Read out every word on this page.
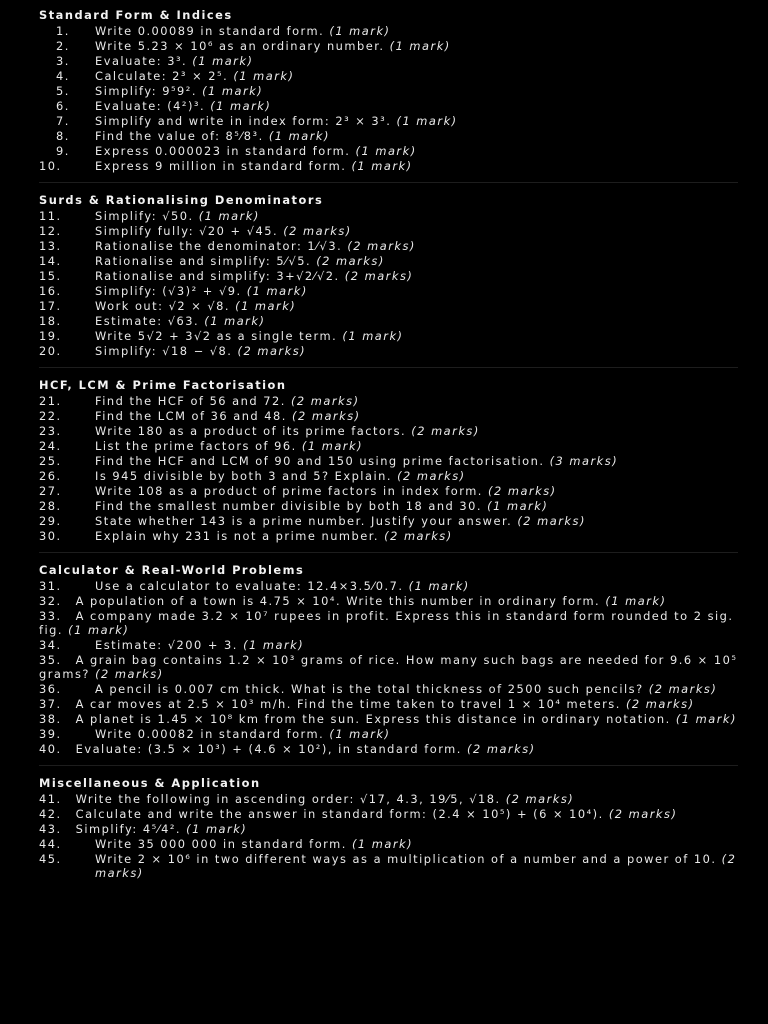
Standard Form & Indices
1.	Write 0.00089 in standard form. (1 mark)
2.	Write 5.23 × 10⁶ as an ordinary number. (1 mark)
3.	Evaluate: 3³. (1 mark)
4.	Calculate: 2³ × 2⁵. (1 mark)
5.	Simplify: 9⁵9². (1 mark)
6.	Evaluate: (4²)³. (1 mark)
7.	Simplify and write in index form: 2³ × 3³. (1 mark)
8.	Find the value of: 8⁵⁄8³. (1 mark)
9.	Express 0.000023 in standard form. (1 mark)
10.	Express 9 million in standard form. (1 mark)
Surds & Rationalising Denominators
11.	Simplify: √50. (1 mark)
12.	Simplify fully: √20 + √45. (2 marks)
13.	Rationalise the denominator: 1⁄√3. (2 marks)
14.	Rationalise and simplify: 5⁄√5. (2 marks)
15.	Rationalise and simplify: 3+√2⁄√2. (2 marks)
16.	Simplify: (√3)² + √9. (1 mark)
17.	Work out: √2 × √8. (1 mark)
18.	Estimate: √63. (1 mark)
19.	Write 5√2 + 3√2 as a single term. (1 mark)
20.	Simplify: √18 − √8. (2 marks)
HCF, LCM & Prime Factorisation
21.	Find the HCF of 56 and 72. (2 marks)
22.	Find the LCM of 36 and 48. (2 marks)
23.	Write 180 as a product of its prime factors. (2 marks)
24.	List the prime factors of 96. (1 mark)
25.	Find the HCF and LCM of 90 and 150 using prime factorisation. (3 marks)
26.	Is 945 divisible by both 3 and 5? Explain. (2 marks)
27.	Write 108 as a product of prime factors in index form. (2 marks)
28.	Find the smallest number divisible by both 18 and 30. (1 mark)
29.	State whether 143 is a prime number. Justify your answer. (2 marks)
30.	Explain why 231 is not a prime number. (2 marks)
Calculator & Real-World Problems
31.	Use a calculator to evaluate: 12.4×3.5⁄0.7. (1 mark)
32. A population of a town is 4.75 × 10⁴. Write this number in ordinary form. (1 mark)
33. A company made 3.2 × 10⁷ rupees in profit. Express this in standard form rounded to 2 sig. fig. (1 mark)
34.	Estimate: √200 + 3. (1 mark)
35. A grain bag contains 1.2 × 10³ grams of rice. How many such bags are needed for 9.6 × 10⁵ grams? (2 marks)
36.	A pencil is 0.007 cm thick. What is the total thickness of 2500 such pencils? (2 marks)
37. A car moves at 2.5 × 10³ m/h. Find the time taken to travel 1 × 10⁴ meters. (2 marks)
38. A planet is 1.45 × 10⁸ km from the sun. Express this distance in ordinary notation. (1 mark)
39.	Write 0.00082 in standard form. (1 mark)
40. Evaluate: (3.5 × 10³) + (4.6 × 10²), in standard form. (2 marks)
Miscellaneous & Application
41. Write the following in ascending order: √17, 4.3, 19⁄5, √18. (2 marks)
42. Calculate and write the answer in standard form: (2.4 × 10⁵) + (6 × 10⁴). (2 marks)
43. Simplify: 4⁵⁄4². (1 mark)
44.	Write 35 000 000 in standard form. (1 mark)
45.	Write 2 × 10⁶ in two different ways as a multiplication of a number and a power of 10. (2 marks)
